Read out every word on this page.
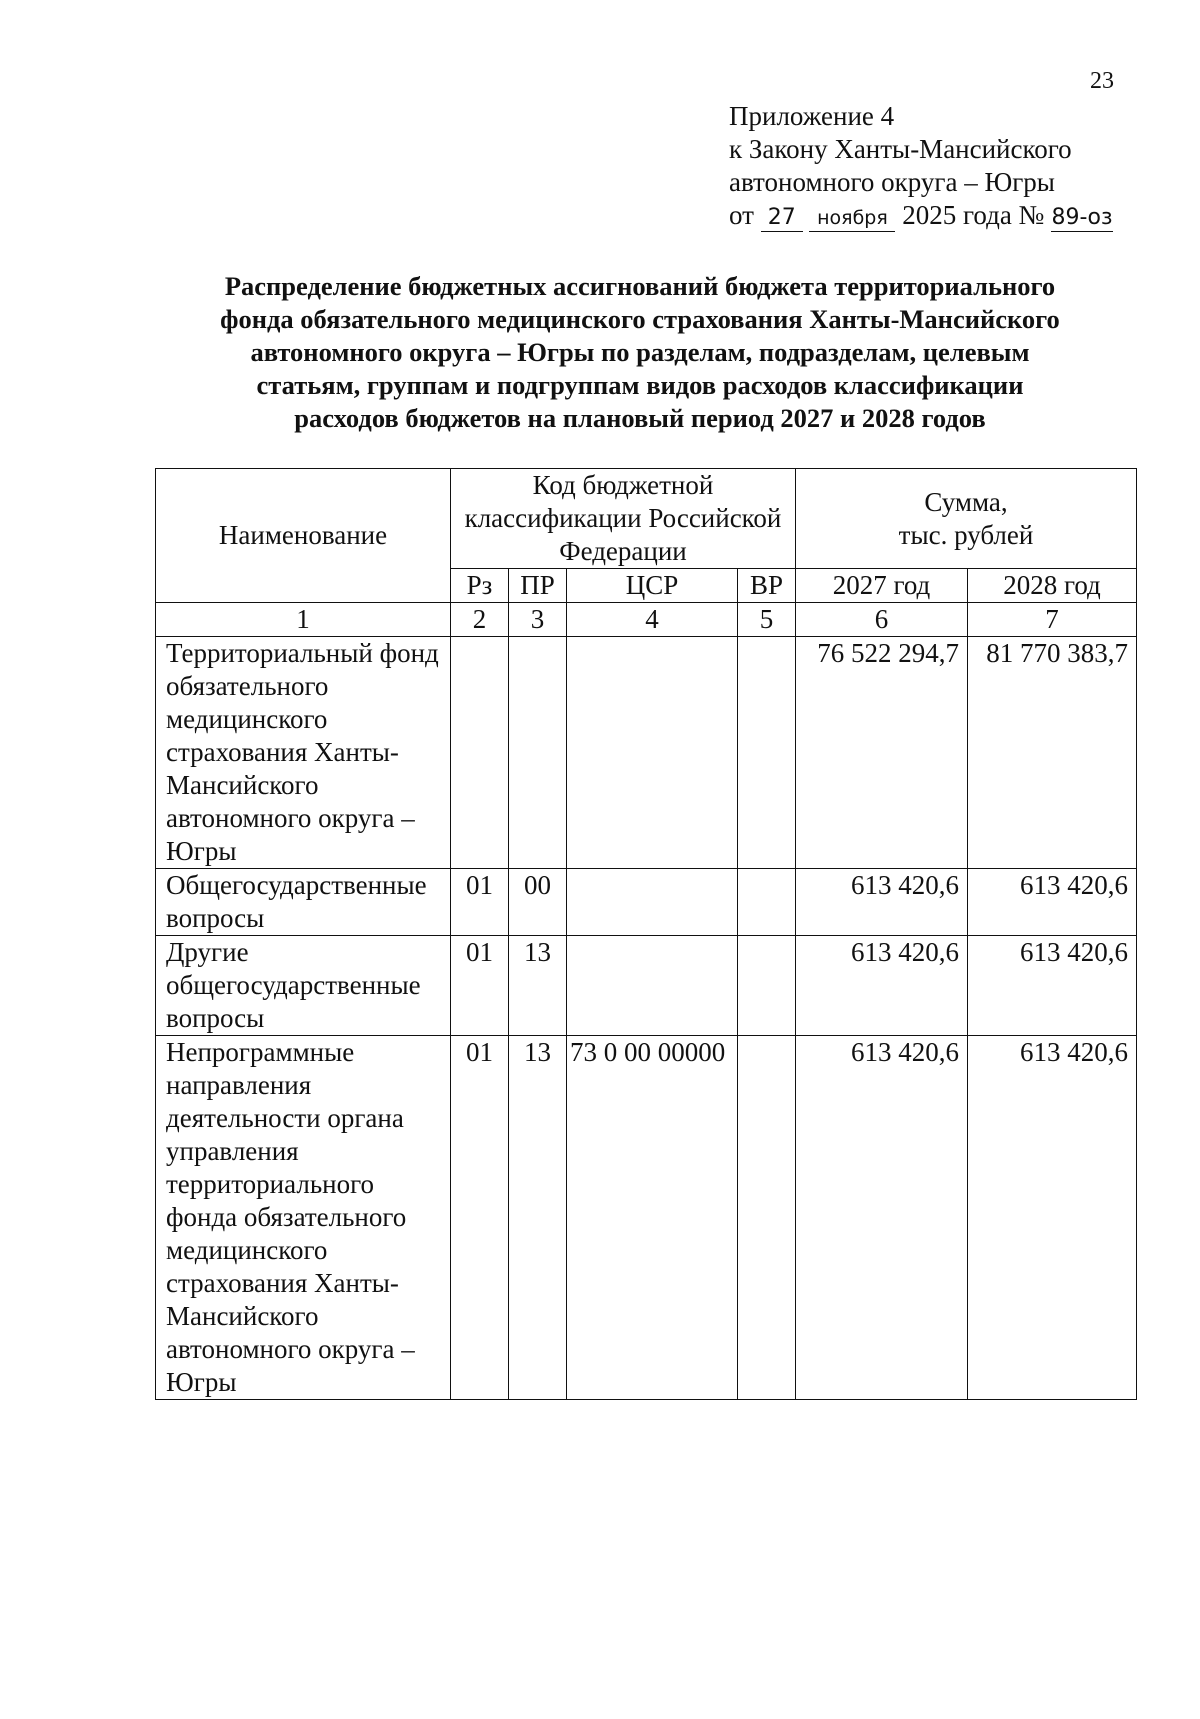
23
Приложение 4
к Закону Ханты-Мансийского
автономного округа – Югры
от 27 ноября 2025 года № 89-оз
Распределение бюджетных ассигнований бюджета территориального
фонда обязательного медицинского страхования Ханты-Мансийского
автономного округа – Югры по разделам, подразделам, целевым
статьям, группам и подгруппам видов расходов классификации
расходов бюджетов на плановый период 2027 и 2028 годов
Наименование	Код бюджетной классификации Российской Федерации				Сумма,
тыс. рублей	

	Рз	ПР	ЦСР	ВР	2027 год	2028 год
1	2	3	4	5	6	7
Территориальный фонд обязательного медицинского страхования Ханты-Мансийского автономного округа – Югры					76 522 294,7	81 770 383,7
Общегосударственные вопросы	01	00			613 420,6	613 420,6
Другие общегосударственные вопросы	01	13			613 420,6	613 420,6
Непрограммные направления деятельности органа управления территориального фонда обязательного медицинского страхования Ханты-Мансийского автономного округа – Югры	01	13	73 0 00 00000		613 420,6	613 420,6
